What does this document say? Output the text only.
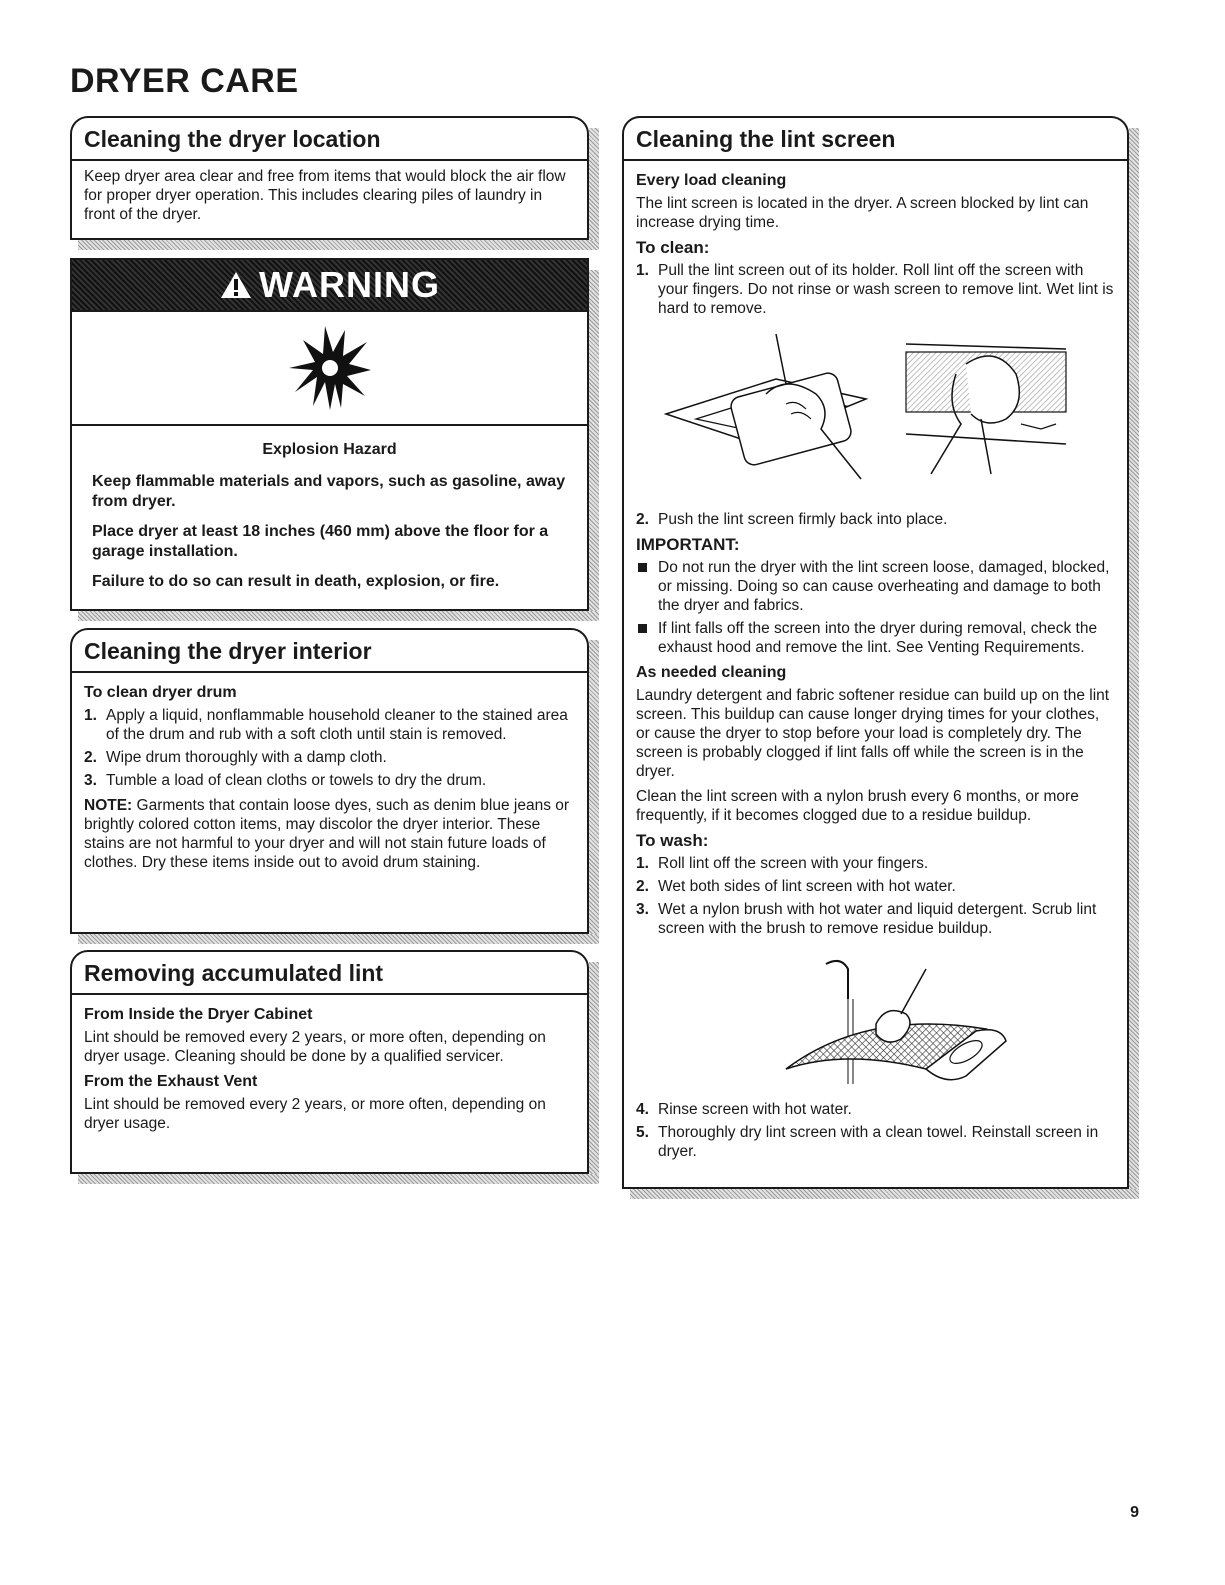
DRYER CARE
Cleaning the dryer location

Keep dryer area clear and free from items that would block the air flow for proper dryer operation. This includes clearing piles of laundry in front of the dryer.

WARNING
Explosion Hazard

Keep flammable materials and vapors, such as gasoline, away from dryer.

Place dryer at least 18 inches (460 mm) above the floor for a garage installation.

Failure to do so can result in death, explosion, or fire.

Cleaning the dryer interior
To clean dryer drum
1. Apply a liquid, nonflammable household cleaner to the stained area of the drum and rub with a soft cloth until stain is removed.
2. Wipe drum thoroughly with a damp cloth.
3. Tumble a load of clean cloths or towels to dry the drum.

NOTE: Garments that contain loose dyes, such as denim blue jeans or brightly colored cotton items, may discolor the dryer interior. These stains are not harmful to your dryer and will not stain future loads of clothes. Dry these items inside out to avoid drum staining.

Removing accumulated lint
From Inside the Dryer Cabinet

Lint should be removed every 2 years, or more often, depending on dryer usage. Cleaning should be done by a qualified servicer.

From the Exhaust Vent

Lint should be removed every 2 years, or more often, depending on dryer usage.

Cleaning the lint screen
Every load cleaning

The lint screen is located in the dryer. A screen blocked by lint can increase drying time.

To clean:
1. Pull the lint screen out of its holder. Roll lint off the screen with your fingers. Do not rinse or wash screen to remove lint. Wet lint is hard to remove.
2. Push the lint screen firmly back into place.
IMPORTANT:
Do not run the dryer with the lint screen loose, damaged, blocked, or missing. Doing so can cause overheating and damage to both the dryer and fabrics.
If lint falls off the screen into the dryer during removal, check the exhaust hood and remove the lint. See Venting Requirements.
As needed cleaning

Laundry detergent and fabric softener residue can build up on the lint screen. This buildup can cause longer drying times for your clothes, or cause the dryer to stop before your load is completely dry. The screen is probably clogged if lint falls off while the screen is in the dryer.

Clean the lint screen with a nylon brush every 6 months, or more frequently, if it becomes clogged due to a residue buildup.

To wash:
1. Roll lint off the screen with your fingers.
2. Wet both sides of lint screen with hot water.
3. Wet a nylon brush with hot water and liquid detergent. Scrub lint screen with the brush to remove residue buildup.
4. Rinse screen with hot water.
5. Thoroughly dry lint screen with a clean towel. Reinstall screen in dryer.
9
